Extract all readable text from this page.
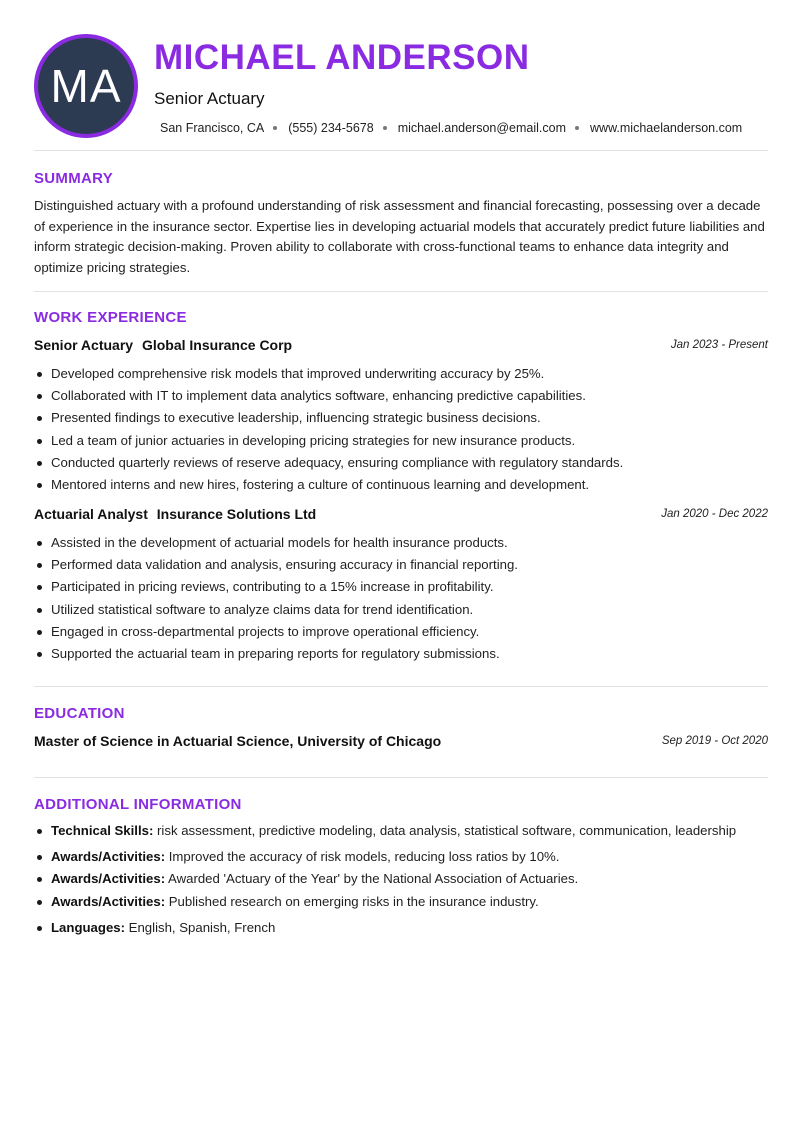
MA
MICHAEL ANDERSON
Senior Actuary
San Francisco, CA (555) 234-5678 michael.anderson@email.com www.michaelanderson.com
SUMMARY
Distinguished actuary with a profound understanding of risk assessment and financial forecasting, possessing over a decade of experience in the insurance sector. Expertise lies in developing actuarial models that accurately predict future liabilities and inform strategic decision-making. Proven ability to collaborate with cross-functional teams to enhance data integrity and optimize pricing strategies.
WORK EXPERIENCE
Senior Actuary Global Insurance Corp	Jan 2023 - Present
Developed comprehensive risk models that improved underwriting accuracy by 25%.
Collaborated with IT to implement data analytics software, enhancing predictive capabilities.
Presented findings to executive leadership, influencing strategic business decisions.
Led a team of junior actuaries in developing pricing strategies for new insurance products.
Conducted quarterly reviews of reserve adequacy, ensuring compliance with regulatory standards.
Mentored interns and new hires, fostering a culture of continuous learning and development.
Actuarial Analyst Insurance Solutions Ltd	Jan 2020 - Dec 2022
Assisted in the development of actuarial models for health insurance products.
Performed data validation and analysis, ensuring accuracy in financial reporting.
Participated in pricing reviews, contributing to a 15% increase in profitability.
Utilized statistical software to analyze claims data for trend identification.
Engaged in cross-departmental projects to improve operational efficiency.
Supported the actuarial team in preparing reports for regulatory submissions.
EDUCATION
Master of Science in Actuarial Science, University of Chicago	Sep 2019 - Oct 2020
ADDITIONAL INFORMATION
Technical Skills: risk assessment, predictive modeling, data analysis, statistical software, communication, leadership
Awards/Activities: Improved the accuracy of risk models, reducing loss ratios by 10%.
Awards/Activities: Awarded 'Actuary of the Year' by the National Association of Actuaries.
Awards/Activities: Published research on emerging risks in the insurance industry.
Languages: English, Spanish, French
